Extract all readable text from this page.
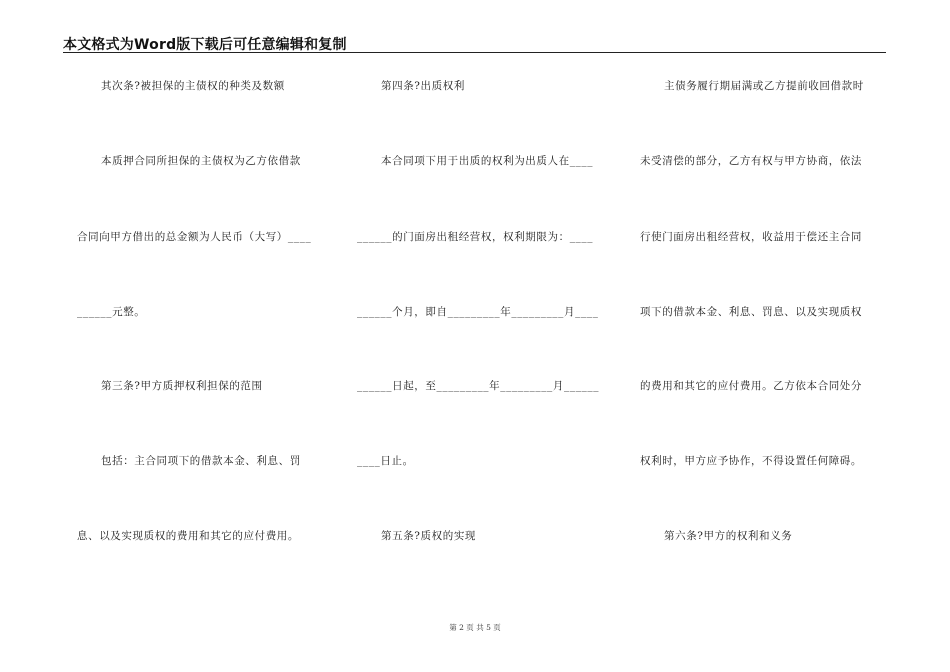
本文格式为Word版下载后可任意编辑和复制
其次条?被担保的主债权的种类及数额
本质押合同所担保的主债权为乙方依借款
合同向甲方借出的总金额为人民币（大写）____
______元整。
第三条?甲方质押权利担保的范围
包括：主合同项下的借款本金、利息、罚
息、以及实现质权的费用和其它的应付费用。
第四条?出质权利
本合同项下用于出质的权利为出质人在____
______的门面房出租经营权，权利期限为：____
______个月，即自_________年_________月____
______日起，至_________年_________月______
____日止。
第五条?质权的实现
主债务履行期届满或乙方提前收回借款时
未受清偿的部分，乙方有权与甲方协商，依法
行使门面房出租经营权，收益用于偿还主合同
项下的借款本金、利息、罚息、以及实现质权
的费用和其它的应付费用。乙方依本合同处分
权利时，甲方应予协作，不得设置任何障碍。
第六条?甲方的权利和义务
第 2 页 共 5 页
